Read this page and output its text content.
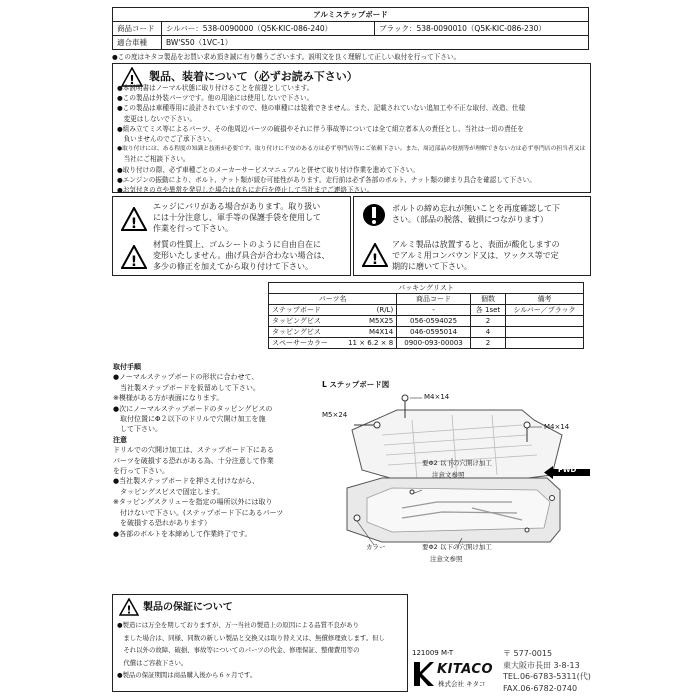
アルミステップボード		
商品コード	シルバー：538-0090000（Q5K-KIC-086-240）	ブラック：538-0090010（Q5K-KIC-086-230）
適合車種	BW'S50（1VC-1）	
●この度はキタコ製品をお買い求め頂き誠に有り難うございます。説明文を良く理解して正しい取付を行って下さい。
! 製品、装着について（必ずお読み下さい）
●本説明書はノーマル状態に取り付けることを前提としています。
●この製品は外装パーツです。他の用途には使用しないで下さい。
●この製品は車種専用に設計されていますので、他の車種には装着できません。また、記載されていない追加工や不正な取付、改造、仕様
　変更はしないで下さい。
●組み立てミス等によるパーツ、その他周辺パーツの破損やそれに伴う事故等については全て組立者本人の責任とし、当社は一切の責任を
　負いませんのでご了承下さい。
●取り付けには、ある程度の知識と技術が必要です。取り付けに不安のある方は必ず専門店等にご依頼下さい。また、周辺部品の役割等が理解できない方は必ず専門店の担当者又は
　当社にご相談下さい。
●取り付けの際、必ず車種ごとのメーカーサービスマニュアルと併せて取り付け作業を進めて下さい。
●エンジンの振動により、ボルト、ナット類が緩む可能性があります。走行前は必ず各部のボルト、ナット類の締まり具合を確認して下さい。
●お気付きの点や異常を発見した場合は直ちに走行を停止して当社までご連絡下さい。
!
エッジにバリがある場合があります。取り扱い
には十分注意し、軍手等の保護手袋を使用して
作業を行って下さい。
!
材質の性質上、ゴムシートのように自由自在に
変形いたしません。曲げ具合が合わない場合は、
多少の修正を加えてから取り付けて下さい。
ボルトの締め忘れが無いことを再度確認して下
さい。（部品の脱落、破損につながります）
!
アルミ製品は放置すると、表面が酸化しますの
でアルミ用コンパウンド又は、ワックス等で定
期的に磨いて下さい。
パッキングリスト				
パーツ名		商品コード	個数	備考
ステップボード	(R/L)	-	各 1set	シルバー／ブラック
タッピングビス	M5X25	056-0594025	2	
タッピングビス	M4X14	046-0595014	4	
スペーサーカラー	11 × 6.2 × 8	0900-093-00003	2	
取付手順
●ノーマルステップボードの形状に合わせて、
　当社製ステップボードを仮留めして下さい。
※模様がある方が表面になります。
●次にノーマルステップボードのタッピングビスの
　取付位置にΦ２以下のドリルで穴開け加工を施
　して下さい。
注意
ドリルでの穴開け加工は、ステップボード下にある
パーツを破損する恐れがある為、十分注意して作業
を行って下さい。
●当社製ステップボードを押さえ付けながら、
　タッピングスビスで固定します。
※タッピングスクリューを指定の場所以外には取り
　付けないで下さい。(ステップボード下にあるパーツ
　を破損する恐れがあります）
●各部のボルトを本締めして作業終了です。
L ステップボード図
M4×14
M4×14
M5×24
要Φ2 以下の穴開け加工
注意文参照
FWD
カラー	要Φ2 以下の穴開け加工
注意文参照
! 製品の保証について
●製造には万全を期しておりますが、万一当社の製造上の原因による品質不良があり
　ました場合は、同様、同数の新しい製品と交換又は取り替え又は、無償修理致します。但し
　それ以外の故障、破損、事故等についてのパーツの代金、修理保証、整備費用等の
　代償はご容赦下さい。
●製品の保証期間は商品購入後から６ヶ月です。
121009 M-T
KITACO
株式会社 キタコ
〒 577-0015
東大阪市長田 3-8-13
TEL.06-6783-5311(代)
FAX.06-6782-0740
